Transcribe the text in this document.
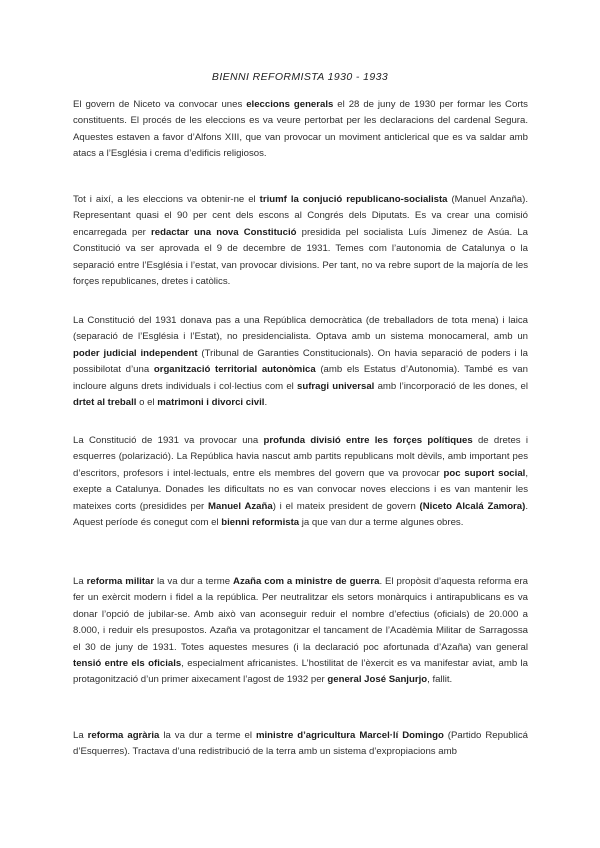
BIENNI REFORMISTA 1930 - 1933

El govern de Niceto va convocar unes eleccions generals el 28 de juny de 1930 per formar les Corts constituents. El procés de les eleccions es va veure pertorbat per les declaracions del cardenal Segura. Aquestes estaven a favor d’Alfons XIII, que van provocar un moviment anticlerical que es va saldar amb atacs a l’Església i crema d’edificis religiosos.

Tot i així, a les eleccions va obtenir-ne el triumf la conjució republicano-socialista (Manuel Anzaña). Representant quasi el 90 per cent dels escons al Congrés dels Diputats. Es va crear una comisió encarregada per redactar una nova Constitució presidida pel socialista Luís Jimenez de Asúa. La Constitució va ser aprovada el 9 de decembre de 1931. Temes com l’autonomia de Catalunya o la separació entre l’Església i l’estat, van provocar divisions. Per tant, no va rebre suport de la majoría de les forçes republicanes, dretes i catòlics.

La Constitució del 1931 donava pas a una República democràtica (de treballadors de tota mena) i laica (separació de l’Església i l’Estat), no presidencialista. Optava amb un sistema monocameral, amb un poder judicial independent (Tribunal de Garanties Constitucionals). On havia separació de poders i la possibilotat d’una organització territorial autonòmica (amb els Estatus d’Autonomia). També es van incloure alguns drets individuals i col·lectius com el sufragi universal amb l’incorporació de les dones, el drtet al treball o el matrimoni i divorci civil.

La Constitució de 1931 va provocar una profunda divisió entre les forçes polítiques de dretes i esquerres (polarizació). La República havia nascut amb partits republicans molt dèvils, amb important pes d’escritors, profesors i intel·lectuals, entre els membres del govern que va provocar poc suport social, exepte a Catalunya. Donades les dificultats no es van convocar noves eleccions i es van mantenir les mateixes corts (presidides per Manuel Azaña) i el mateix president de govern (Niceto Alcalá Zamora). Aquest període és conegut com el bienni reformista ja que van dur a terme algunes obres.

La reforma militar la va dur a terme Azaña com a ministre de guerra. El propòsit d’aquesta reforma era fer un exèrcit modern i fidel a la república. Per neutralitzar els setors monàrquics i antirapublicans es va donar l’opció de jubilar-se. Amb això van aconseguir reduir el nombre d’efectius (oficials) de 20.000 a 8.000, i reduir els presupostos. Azaña va protagonitzar el tancament de l’Acadèmia Militar de Sarragossa el 30 de juny de 1931. Totes aquestes mesures (i la declaració poc afortunada d’Azaña) van general tensió entre els oficials, especialment africanistes. L’hostilitat de l’èxercit es va manifestar aviat, amb la protagonització d’un primer aixecament l’agost de 1932 per general José Sanjurjo, fallit.

La reforma agrària la va dur a terme el ministre d’agricultura Marcel·lí Domingo (Partido Republicá d’Esquerres). Tractava d’una redistribució de la terra amb un sistema d’expropiacions amb
